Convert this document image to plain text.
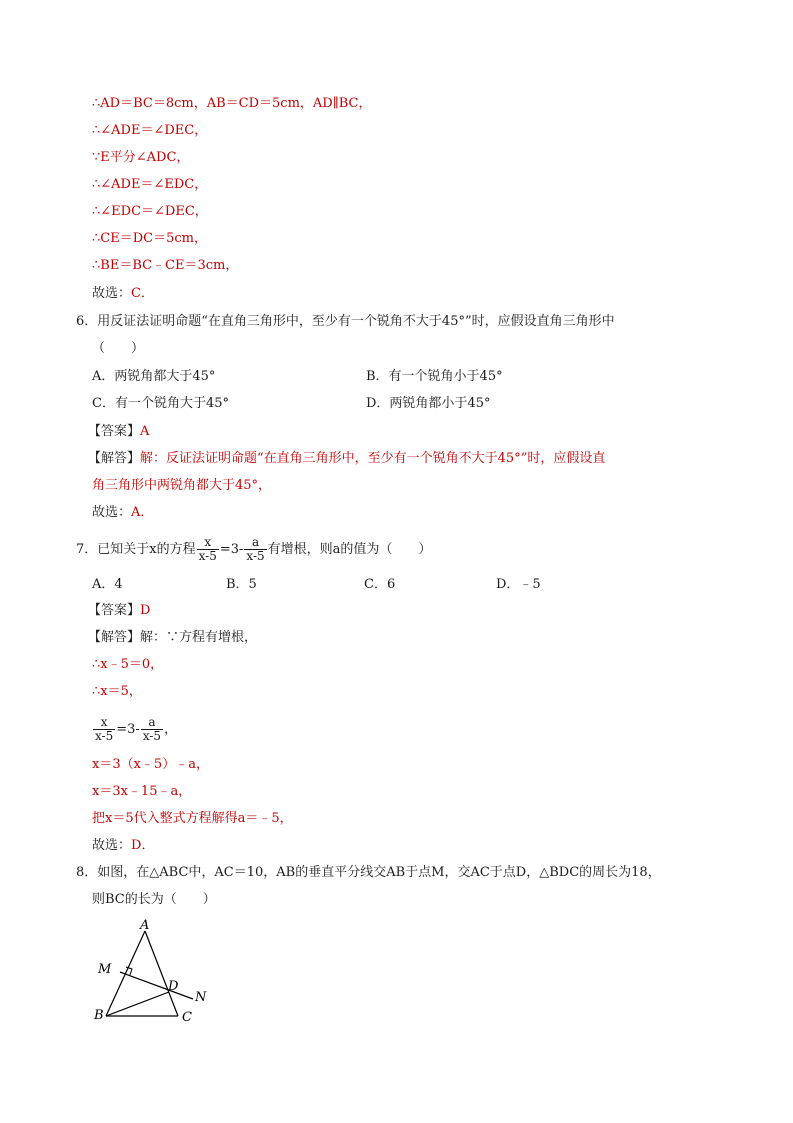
∴AD＝BC＝8cm，AB＝CD＝5cm，AD∥BC，
∴∠ADE＝∠DEC，
∵E平分∠ADC，
∴∠ADE＝∠EDC，
∴∠EDC＝∠DEC，
∴CE＝DC＝5cm，
∴BE＝BC﹣CE＝3cm，
故选：C．
6．用反证法证明命题“在直角三角形中，至少有一个锐角不大于45°”时，应假设直角三角形中
（　　）
A．两锐角都大于45°	B．有一个锐角小于45°
C．有一个锐角大于45°	D．两锐角都小于45°
【答案】A
【解答】解：反证法证明命题“在直角三角形中，至少有一个锐角不大于45°”时，应假设直
角三角形中两锐角都大于45°，
故选：A．
7．已知关于x的方程 $\frac{x}{x-5} =3- \frac{a}{x-5}$ 有增根，则a的值为（　　）
A．4	B．5	C．6	D．﹣5
【答案】D
【解答】解：∵方程有增根，
∴x﹣5＝0，
∴x＝5，
$\frac{x}{x-5} =3- \frac{a}{x-5}$ ，
x＝3（x﹣5）﹣a，
x＝3x﹣15﹣a，
把x＝5代入整式方程解得a＝﹣5，
故选：D．
8．如图，在△ABC中，AC＝10，AB的垂直平分线交AB于点M，交AC于点D，△BDC的周长为18，
则BC的长为（　　）
A
M
D
N
B	C
